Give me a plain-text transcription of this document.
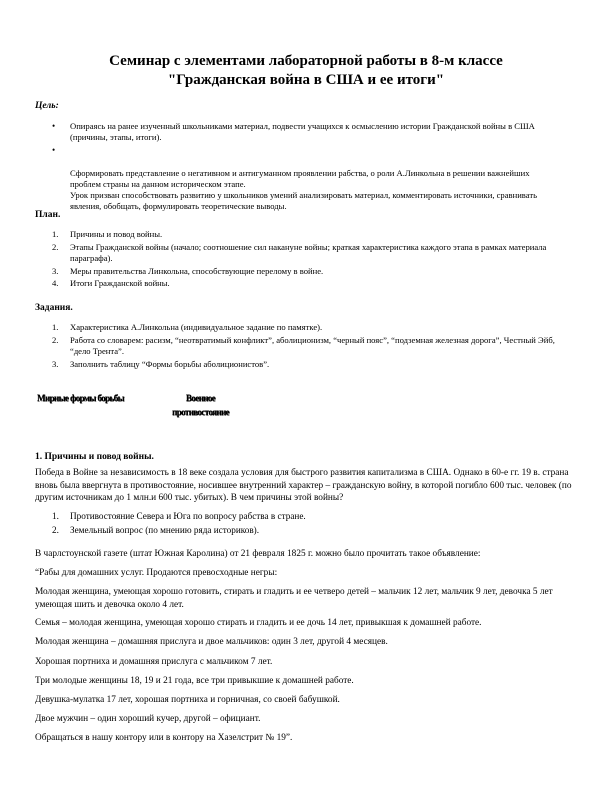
Семинар с элементами лабораторной работы в 8-м классе
"Гражданская война в США и ее итоги"
Цель:
• Опираясь на ранее изученный школьниками материал, подвести учащихся к осмыслению истории Гражданской войны в США (причины, этапы, итоги).

•

Сформировать представление о негативном и антигуманном проявлении рабства, о роли А.Линкольна в решении важнейших проблем страны на данном историческом этапе.
Урок призван способствовать развитию у школьников умений анализировать материал, комментировать источники, сравнивать явления, обобщать, формулировать теоретические выводы.

План.
1. Причины и повод войны.
2. Этапы Гражданской войны (начало; соотношение сил накануне войны; краткая характеристика каждого этапа в рамках материала параграфа).
3. Меры правительства Линкольна, способствующие перелому в войне.
4. Итоги Гражданской войны.
Задания.
1. Характеристика А.Линкольна (индивидуальное задание по памятке).
2. Работа со словарем: расизм, “неотвратимый конфликт”, аболиционизм, “черный пояс”, “подземная железная дорога”, Честный Эйб, “дело Трента”.
3. Заполнить таблицу “Формы борьбы аболиционистов”.
Мирные формы борьбы	Военное
противостояние
1. Причины и повод войны.

Победа в Войне за независимость в 18 веке создала условия для быстрого развития капитализма в США. Однако в 60-е гг. 19 в. страна вновь была ввергнута в противостояние, носившее внутренний характер – гражданскую войну, в которой погибло 600 тыс. человек (по другим источникам до 1 млн.и 600 тыс. убитых). В чем причины этой войны?

1. Противостояние Севера и Юга по вопросу рабства в стране.
2. Земельный вопрос (по мнению ряда историков).

В чарлстоунской газете (штат Южная Каролина) от 21 февраля 1825 г. можно было прочитать такое объявление:

“Рабы для домашних услуг. Продаются превосходные негры:

Молодая женщина, умеющая хорошо готовить, стирать и гладить и ее четверо детей – мальчик 12 лет, мальчик 9 лет, девочка 5 лет умеющая шить и девочка около 4 лет.

Семья – молодая женщина, умеющая хорошо стирать и гладить и ее дочь 14 лет, привыкшая к домашней работе.

Молодая женщина – домашняя прислуга и двое мальчиков: один 3 лет, другой 4 месяцев.

Хорошая портниха и домашняя прислуга с мальчиком 7 лет.

Три молодые женщины 18, 19 и 21 года, все три привыкшие к домашней работе.

Девушка-мулатка 17 лет, хорошая портниха и горничная, со своей бабушкой.

Двое мужчин – один хороший кучер, другой – официант.

Обращаться в нашу контору или в контору на Хазелстрит № 19”.
